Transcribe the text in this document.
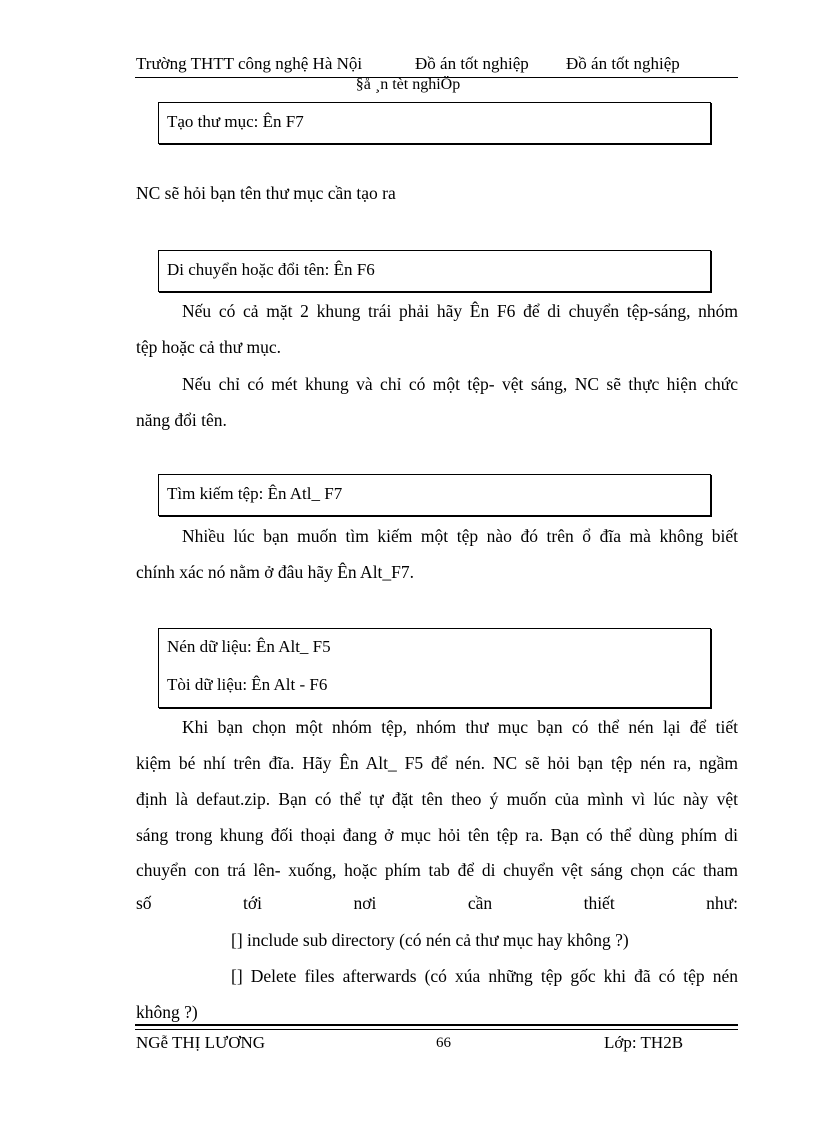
Trường THTT công nghệ Hà Nội	Đồ án tốt nghiệp Đồ án tốt nghiệp
§å ¸n tèt nghiÖp
Tạo thư mục: Ên F7
NC sẽ hỏi bạn tên thư mục cần tạo ra
Di chuyển hoặc đổi tên: Ên F6
Nếu có cả mặt 2 khung trái phải hãy Ên F6 để di chuyển tệp-sáng, nhóm
tệp hoặc cả thư mục.
Nếu chỉ có mét khung và chỉ có một tệp- vệt sáng, NC sẽ thực hiện chức
năng đổi tên.
Tìm kiếm tệp: Ên Atl_ F7
Nhiều lúc bạn muốn tìm kiếm một tệp nào đó trên ổ đĩa mà không biết
chính xác nó nằm ở đâu hãy Ên Alt_F7.
Nén dữ liệu: Ên Alt_ F5
Tòi dữ liệu: Ên Alt - F6
Khi bạn chọn một nhóm tệp, nhóm thư mục bạn có thể nén lại để tiết
kiệm bé nhí trên đĩa. Hãy Ên Alt_ F5 để nén. NC sẽ hỏi bạn tệp nén ra, ngầm
định là defaut.zip. Bạn có thể tự đặt tên theo ý muốn của mình vì lúc này vệt
sáng trong khung đối thoại đang ở mục hỏi tên tệp ra. Bạn có thể dùng phím di
chuyển con trá lên- xuống, hoặc phím tab để di chuyển vệt sáng chọn các tham
số tới nơi cần thiết như:
[] include sub directory (có nén cả thư mục hay không ?)
[] Delete files afterwards (có xúa những tệp gốc khi đã có tệp nén
không ?)
NGễ THỊ LƯƠNG	66	Lớp: TH2B
